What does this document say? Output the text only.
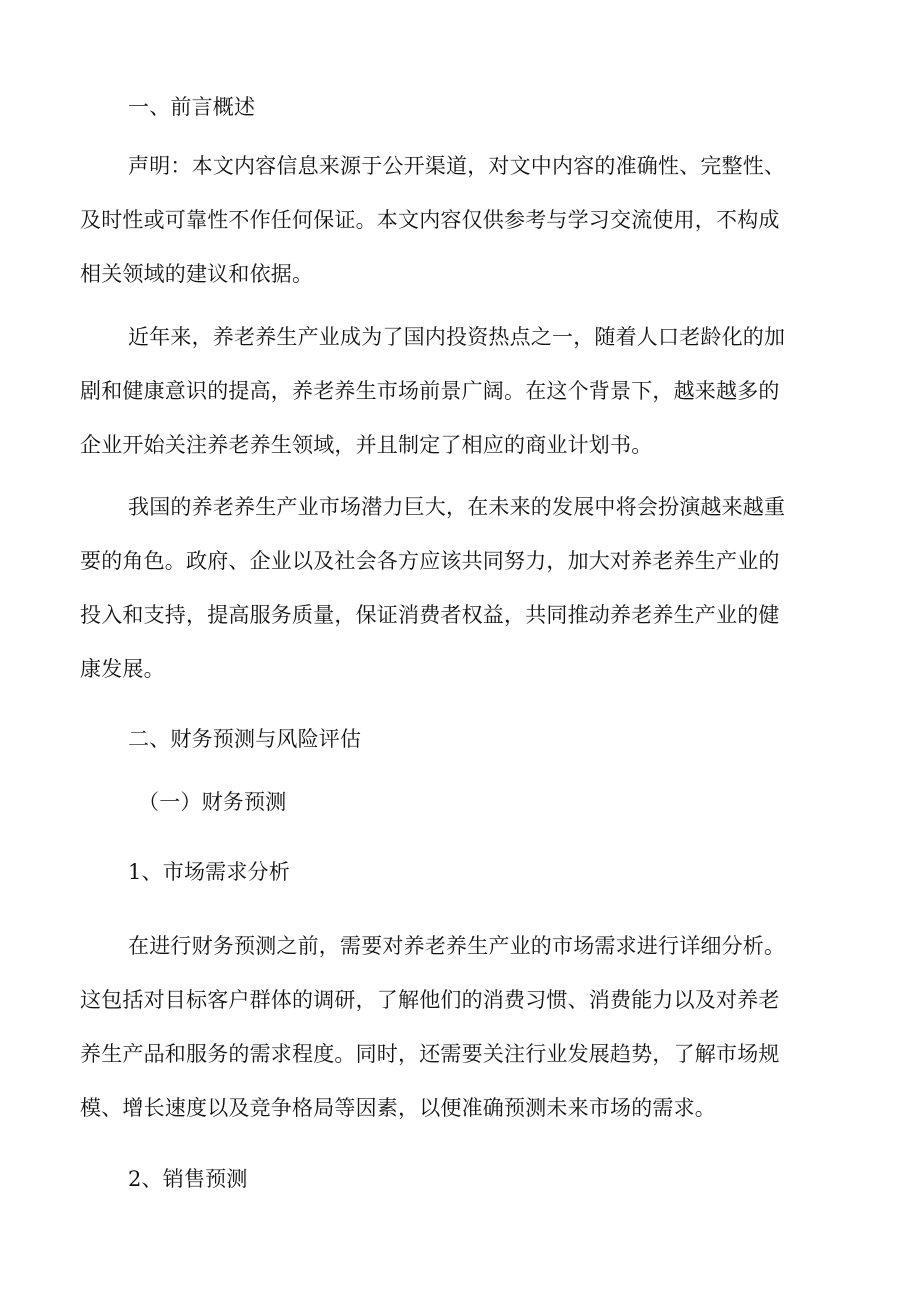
一、前言概述
声明：本文内容信息来源于公开渠道，对文中内容的准确性、完整性、
及时性或可靠性不作任何保证。本文内容仅供参考与学习交流使用，不构成
相关领域的建议和依据。
近年来，养老养生产业成为了国内投资热点之一，随着人口老龄化的加
剧和健康意识的提高，养老养生市场前景广阔。在这个背景下，越来越多的
企业开始关注养老养生领域，并且制定了相应的商业计划书。
我国的养老养生产业市场潜力巨大，在未来的发展中将会扮演越来越重
要的角色。政府、企业以及社会各方应该共同努力，加大对养老养生产业的
投入和支持，提高服务质量，保证消费者权益，共同推动养老养生产业的健
康发展。
二、财务预测与风险评估
（一）财务预测
1、市场需求分析
在进行财务预测之前，需要对养老养生产业的市场需求进行详细分析。
这包括对目标客户群体的调研，了解他们的消费习惯、消费能力以及对养老
养生产品和服务的需求程度。同时，还需要关注行业发展趋势，了解市场规
模、增长速度以及竞争格局等因素，以便准确预测未来市场的需求。
2、销售预测
